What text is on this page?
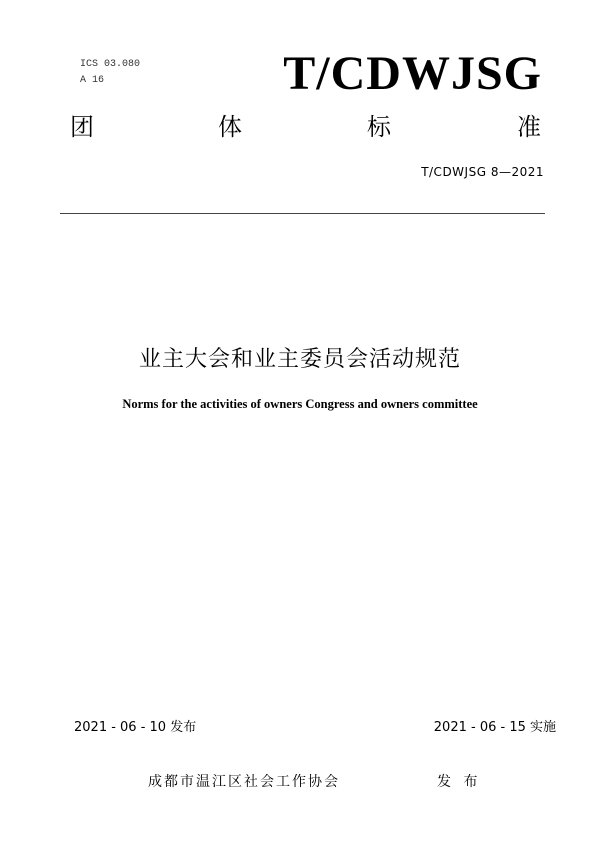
ICS 03.080
A 16	T/CDWJSG
团	体	标	准
T/CDWJSG 8—2021
业主大会和业主委员会活动规范
Norms for the activities of owners Congress and owners committee
2021 - 06 - 10 发布	2021 - 06 - 15 实施
成都市温江区社会工作协会	发 布
